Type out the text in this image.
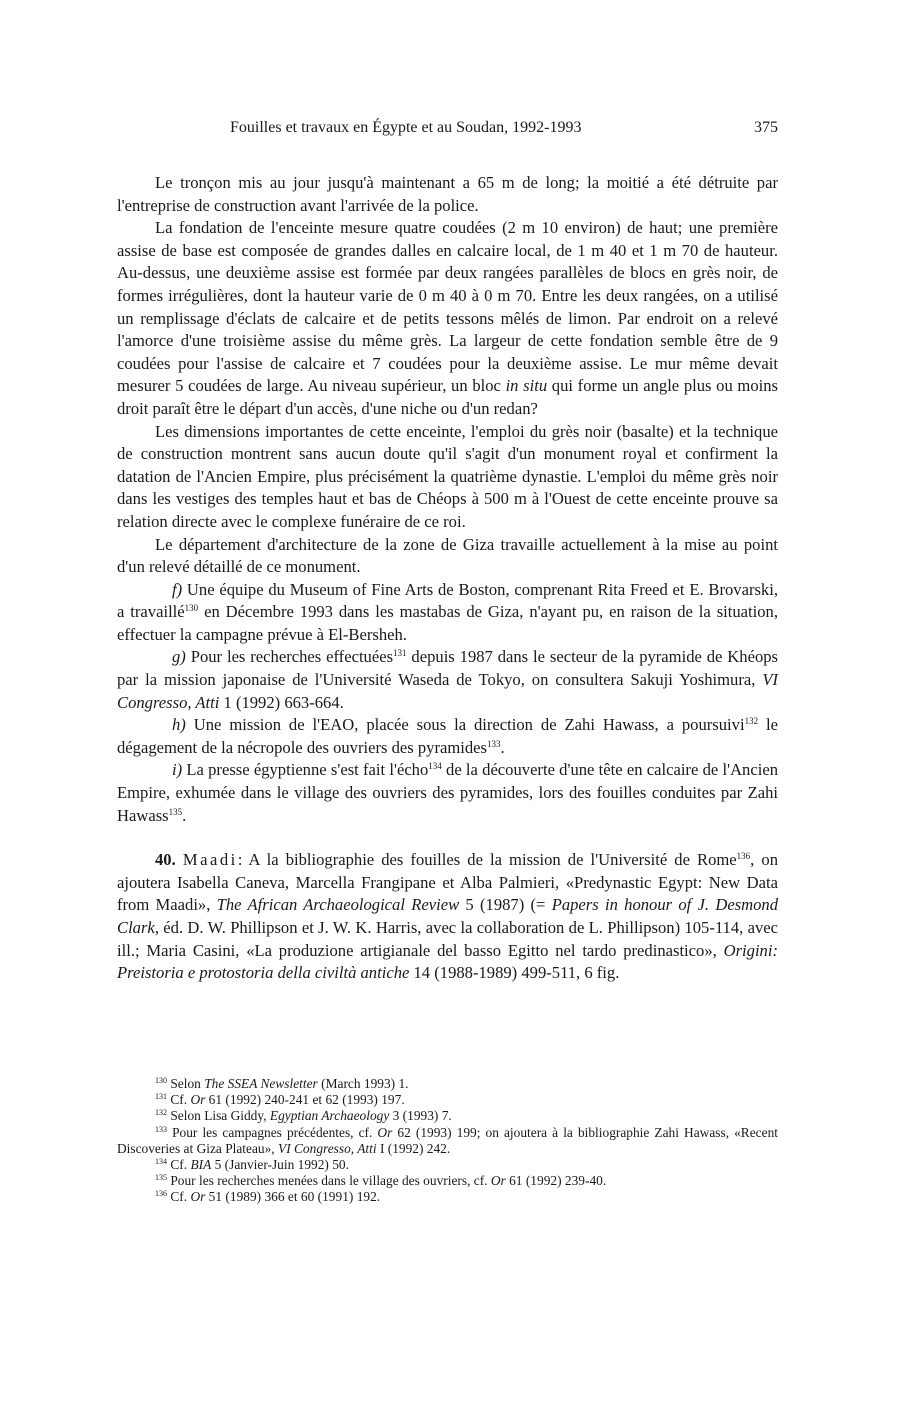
Fouilles et travaux en Égypte et au Soudan, 1992-1993	375

Le tronçon mis au jour jusqu'à maintenant a 65 m de long; la moitié a été détruite par l'entreprise de construction avant l'arrivée de la police.

La fondation de l'enceinte mesure quatre coudées (2 m 10 environ) de haut; une première assise de base est composée de grandes dalles en calcaire local, de 1 m 40 et 1 m 70 de hauteur. Au-dessus, une deuxième assise est formée par deux rangées parallèles de blocs en grès noir, de formes irrégulières, dont la hauteur varie de 0 m 40 à 0 m 70. Entre les deux rangées, on a utilisé un remplissage d'éclats de calcaire et de petits tessons mêlés de limon. Par endroit on a relevé l'amorce d'une troisième assise du même grès. La largeur de cette fondation semble être de 9 coudées pour l'assise de calcaire et 7 coudées pour la deuxième assise. Le mur même devait mesurer 5 coudées de large. Au niveau supérieur, un bloc in situ qui forme un angle plus ou moins droit paraît être le départ d'un accès, d'une niche ou d'un redan?

Les dimensions importantes de cette enceinte, l'emploi du grès noir (basalte) et la technique de construction montrent sans aucun doute qu'il s'agit d'un monument royal et confirment la datation de l'Ancien Empire, plus précisément la quatrième dynastie. L'emploi du même grès noir dans les vestiges des temples haut et bas de Chéops à 500 m à l'Ouest de cette enceinte prouve sa relation directe avec le complexe funéraire de ce roi.

Le département d'architecture de la zone de Giza travaille actuellement à la mise au point d'un relevé détaillé de ce monument.

f) Une équipe du Museum of Fine Arts de Boston, comprenant Rita Freed et E. Brovarski, a travaillé$^{130}$ en Décembre 1993 dans les mastabas de Giza, n'ayant pu, en raison de la situation, effectuer la campagne prévue à El-Bersheh.

g) Pour les recherches effectuées$^{131}$ depuis 1987 dans le secteur de la pyramide de Khéops par la mission japonaise de l'Université Waseda de Tokyo, on consultera Sakuji Yoshimura, VI Congresso, Atti 1 (1992) 663-664.

h) Une mission de l'EAO, placée sous la direction de Zahi Hawass, a poursuivi$^{132}$ le dégagement de la nécropole des ouvriers des pyramides$^{133}$.

i) La presse égyptienne s'est fait l'écho$^{134}$ de la découverte d'une tête en calcaire de l'Ancien Empire, exhumée dans le village des ouvriers des pyramides, lors des fouilles conduites par Zahi Hawass$^{135}$.

40. Maadi: A la bibliographie des fouilles de la mission de l'Université de Rome$^{136}$, on ajoutera Isabella Caneva, Marcella Frangipane et Alba Palmieri, «Predynastic Egypt: New Data from Maadi», The African Archaeological Review 5 (1987) (= Papers in honour of J. Desmond Clark, éd. D. W. Phillipson et J. W. K. Harris, avec la collaboration de L. Phillipson) 105-114, avec ill.; Maria Casini, «La produzione artigianale del basso Egitto nel tardo predinastico», Origini: Preistoria e protostoria della civiltà antiche 14 (1988-1989) 499-511, 6 fig.

$^{130}$ Selon The SSEA Newsletter (March 1993) 1.

$^{131}$ Cf. Or 61 (1992) 240-241 et 62 (1993) 197.

$^{132}$ Selon Lisa Giddy, Egyptian Archaeology 3 (1993) 7.

$^{133}$ Pour les campagnes précédentes, cf. Or 62 (1993) 199; on ajoutera à la bibliographie Zahi Hawass, «Recent Discoveries at Giza Plateau», VI Congresso, Atti I (1992) 242.

$^{134}$ Cf. BIA 5 (Janvier-Juin 1992) 50.

$^{135}$ Pour les recherches menées dans le village des ouvriers, cf. Or 61 (1992) 239-40.

$^{136}$ Cf. Or 51 (1989) 366 et 60 (1991) 192.
